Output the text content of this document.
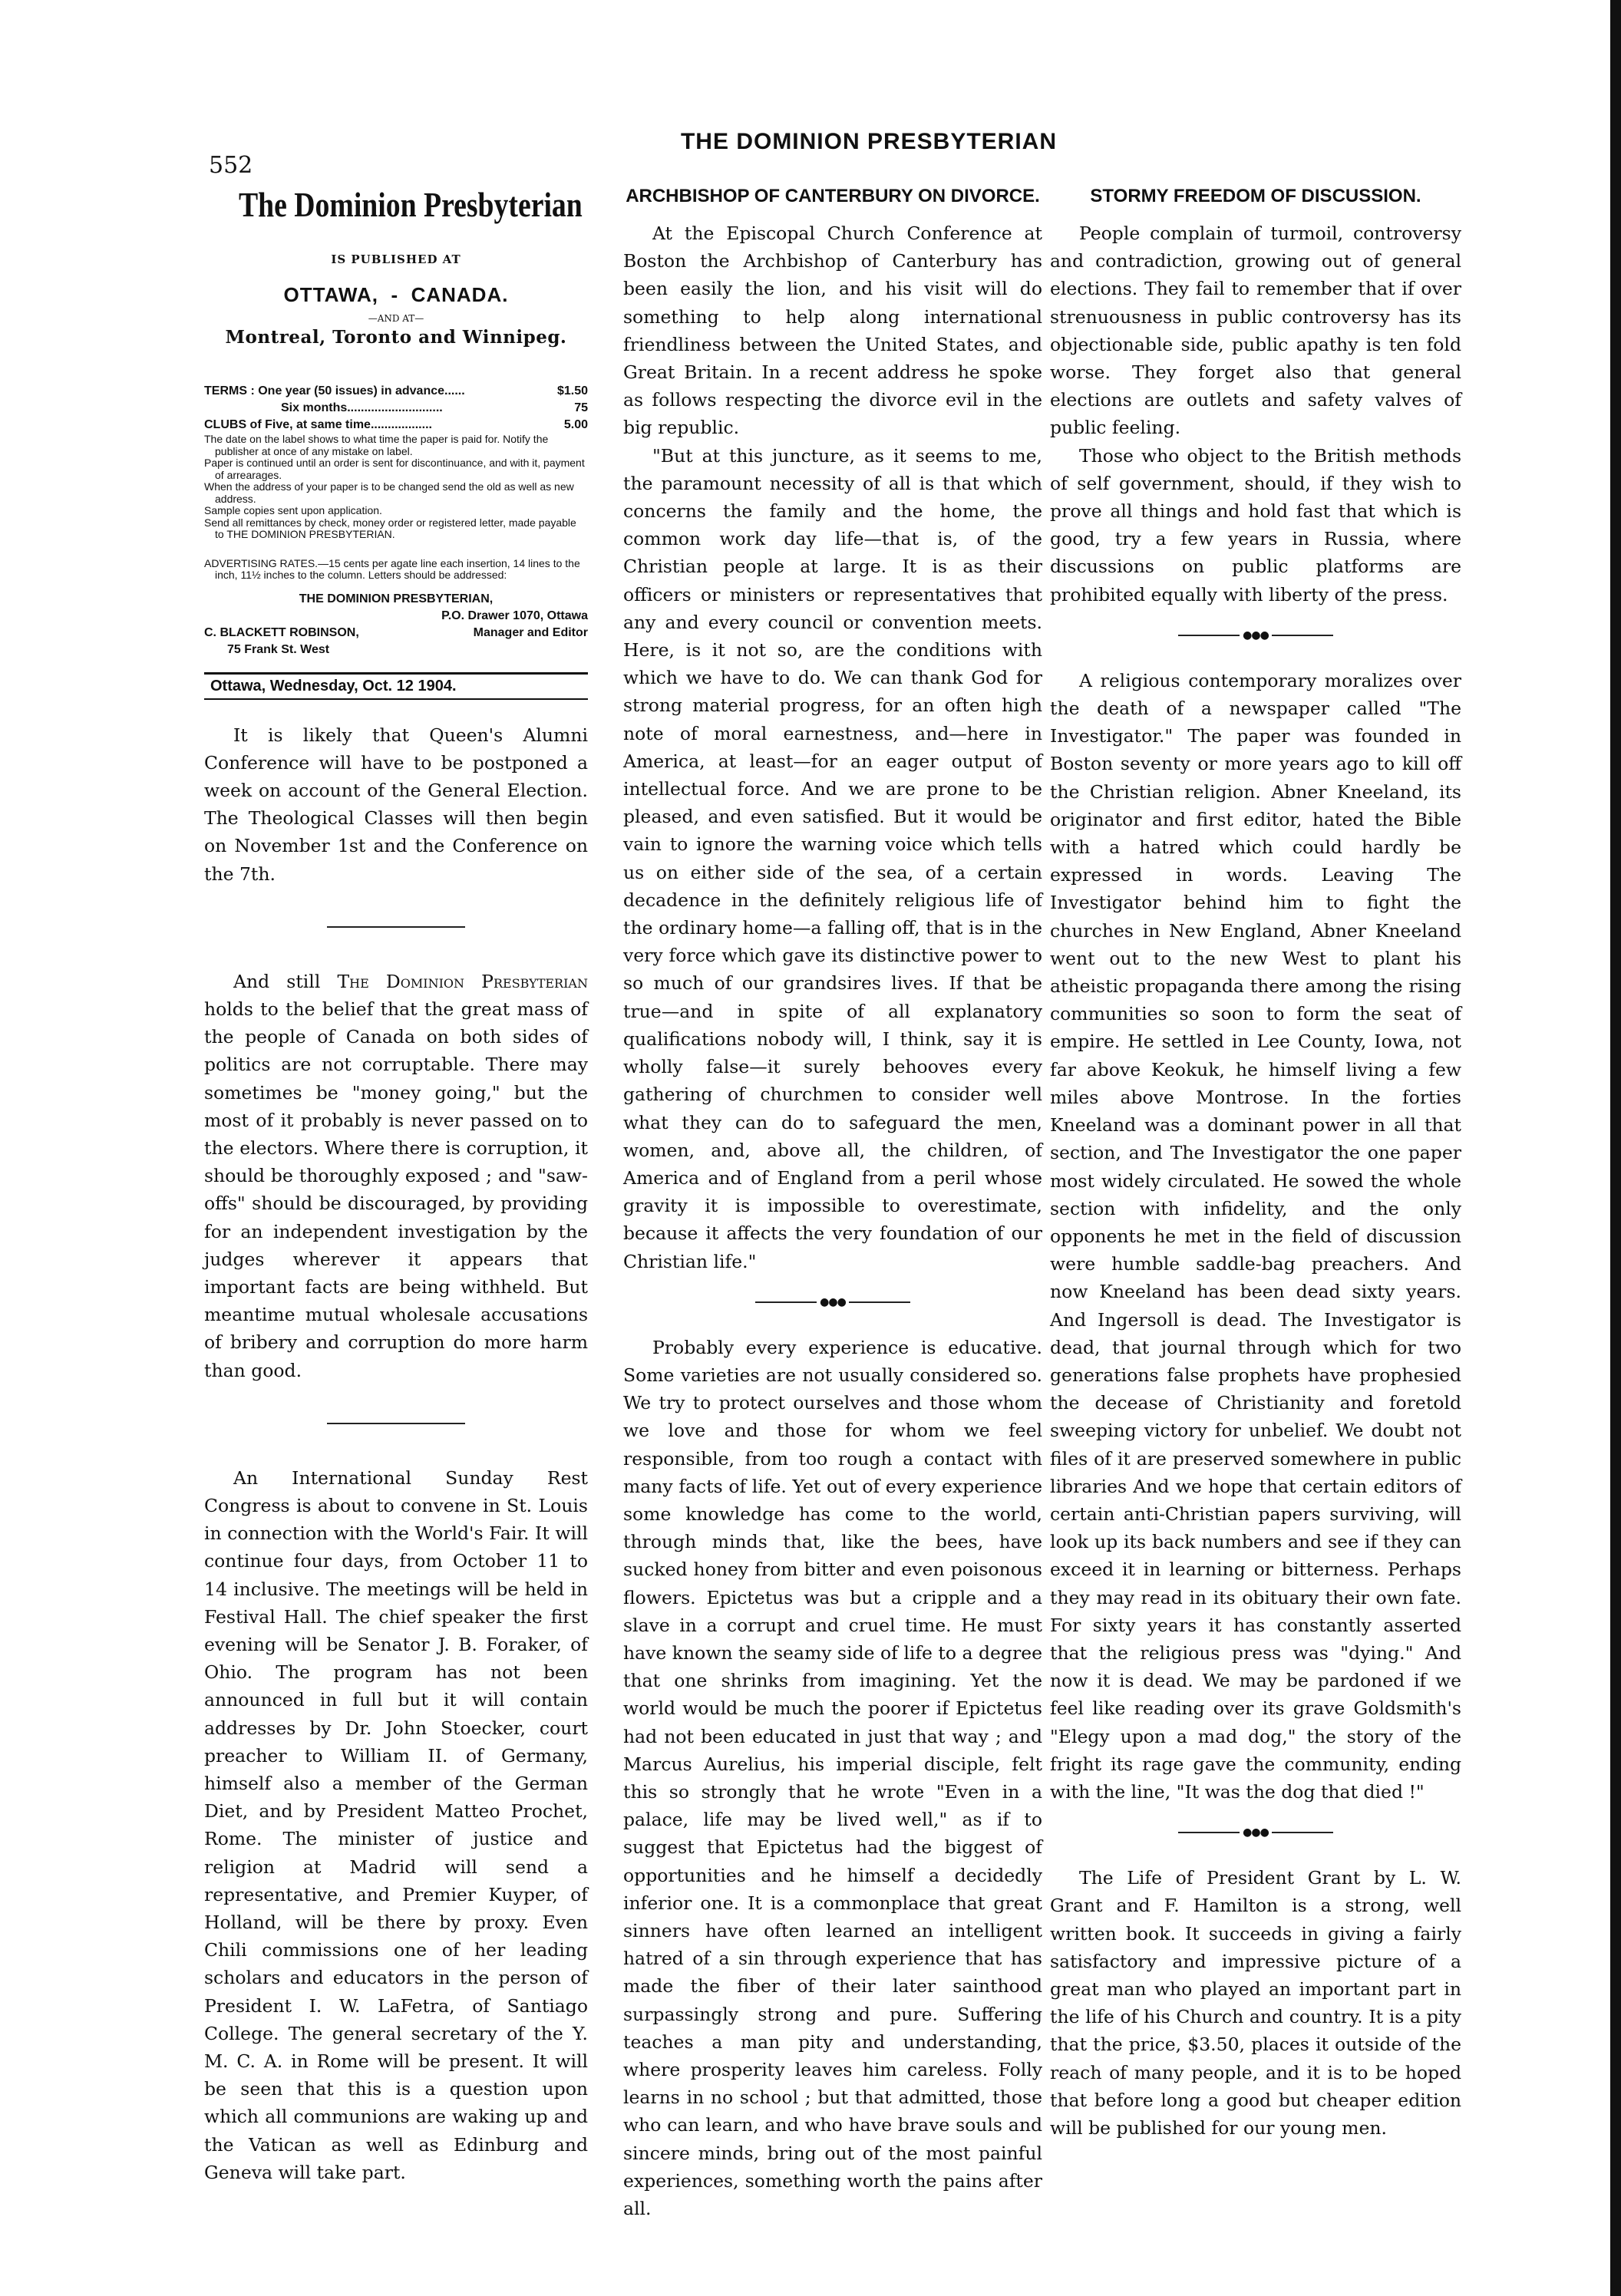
552
THE DOMINION PRESBYTERIAN
The Dominion Presbyterian
IS PUBLISHED AT
OTTAWA,  -  CANADA.
—AND AT—
Montreal, Toronto and Winnipeg.
TERMS : One year (50 issues) in advance......	$1.50
Six months............................	75
CLUBS of Five, at same time..................	5.00
The date on the label shows to what time the paper is paid for. Notify the publisher at once of any mistake on label.
Paper is continued until an order is sent for discontinuance, and with it, payment of arrearages.
When the address of your paper is to be changed send the old as well as new address.
Sample copies sent upon application.
Send all remittances by check, money order or registered letter, made payable to THE DOMINION PRESBYTERIAN.
ADVERTISING RATES.—15 cents per agate line each insertion, 14 lines to the inch, 11½ inches to the column. Letters should be addressed:
THE DOMINION PRESBYTERIAN,
P.O. Drawer 1070, Ottawa
C. BLACKETT ROBINSON,	Manager and Editor
75 Frank St. West
Ottawa, Wednesday, Oct. 12 1904.

It is likely that Queen's Alumni Conference will have to be postponed a week on account of the General Election. The Theological Classes will then begin on November 1st and the Conference on the 7th.

And still The Dominion Presbyterian holds to the belief that the great mass of the people of Canada on both sides of politics are not corruptable. There may sometimes be "money going," but the most of it probably is never passed on to the electors. Where there is corruption, it should be thoroughly exposed ; and "saw-offs" should be discouraged, by providing for an independent investigation by the judges wherever it appears that important facts are being withheld. But meantime mutual wholesale accusations of bribery and corruption do more harm than good.

An International Sunday Rest Congress is about to convene in St. Louis in connection with the World's Fair. It will continue four days, from October 11 to 14 inclusive. The meetings will be held in Festival Hall. The chief speaker the first evening will be Senator J. B. Foraker, of Ohio. The program has not been announced in full but it will contain addresses by Dr. John Stoecker, court preacher to William II. of Germany, himself also a member of the German Diet, and by President Matteo Prochet, Rome. The minister of justice and religion at Madrid will send a representative, and Premier Kuyper, of Holland, will be there by proxy. Even Chili commissions one of her leading scholars and educators in the person of President I. W. LaFetra, of Santiago College. The general secretary of the Y. M. C. A. in Rome will be present. It will be seen that this is a question upon which all communions are waking up and the Vatican as well as Edinburg and Geneva will take part.

ARCHBISHOP OF CANTERBURY ON DIVORCE.

At the Episcopal Church Conference at Boston the Archbishop of Canterbury has been easily the lion, and his visit will do something to help along international friendliness between the United States, and Great Britain. In a recent address he spoke as follows respecting the divorce evil in the big republic.

"But at this juncture, as it seems to me, the paramount necessity of all is that which concerns the family and the home, the common work day life—that is, of the Christian people at large. It is as their officers or ministers or representatives that any and every council or convention meets. Here, is it not so, are the conditions with which we have to do. We can thank God for strong material progress, for an often high note of moral earnestness, and—here in America, at least—for an eager output of intellectual force. And we are prone to be pleased, and even satisfied. But it would be vain to ignore the warning voice which tells us on either side of the sea, of a certain decadence in the definitely religious life of the ordinary home—a falling off, that is in the very force which gave its distinctive power to so much of our grandsires lives. If that be true—and in spite of all explanatory qualifications nobody will, I think, say it is wholly false—it surely behooves every gathering of churchmen to consider well what they can do to safeguard the men, women, and, above all, the children, of America and of England from a peril whose gravity it is impossible to overestimate, because it affects the very foundation of our Christian life."

●●●

Probably every experience is educative. Some varieties are not usually considered so. We try to protect ourselves and those whom we love and those for whom we feel responsible, from too rough a contact with many facts of life. Yet out of every experience some knowledge has come to the world, through minds that, like the bees, have sucked honey from bitter and even poisonous flowers. Epictetus was but a cripple and a slave in a corrupt and cruel time. He must have known the seamy side of life to a degree that one shrinks from imagining. Yet the world would be much the poorer if Epictetus had not been educated in just that way ; and Marcus Aurelius, his imperial disciple, felt this so strongly that he wrote "Even in a palace, life may be lived well," as if to suggest that Epictetus had the biggest of opportunities and he himself a decidedly inferior one. It is a commonplace that great sinners have often learned an intelligent hatred of a sin through experience that has made the fiber of their later sainthood surpassingly strong and pure. Suffering teaches a man pity and understanding, where prosperity leaves him careless. Folly learns in no school ; but that admitted, those who can learn, and who have brave souls and sincere minds, bring out of the most painful experiences, something worth the pains after all.

STORMY FREEDOM OF DISCUSSION.

People complain of turmoil, controversy and contradiction, growing out of general elections. They fail to remember that if over strenuousness in public controversy has its objectionable side, public apathy is ten fold worse. They forget also that general elections are outlets and safety valves of public feeling.

Those who object to the British methods of self government, should, if they wish to prove all things and hold fast that which is good, try a few years in Russia, where discussions on public platforms are prohibited equally with liberty of the press.

●●●

A religious contemporary moralizes over the death of a newspaper called "The Investigator." The paper was founded in Boston seventy or more years ago to kill off the Christian religion. Abner Kneeland, its originator and first editor, hated the Bible with a hatred which could hardly be expressed in words. Leaving The Investigator behind him to fight the churches in New England, Abner Kneeland went out to the new West to plant his atheistic propaganda there among the rising communities so soon to form the seat of empire. He settled in Lee County, Iowa, not far above Keokuk, he himself living a few miles above Montrose. In the forties Kneeland was a dominant power in all that section, and The Investigator the one paper most widely circulated. He sowed the whole section with infidelity, and the only opponents he met in the field of discussion were humble saddle-bag preachers. And now Kneeland has been dead sixty years. And Ingersoll is dead. The Investigator is dead, that journal through which for two generations false prophets have prophesied the decease of Christianity and foretold sweeping victory for unbelief. We doubt not files of it are preserved somewhere in public libraries And we hope that certain editors of certain anti-Christian papers surviving, will look up its back numbers and see if they can exceed it in learning or bitterness. Perhaps they may read in its obituary their own fate. For sixty years it has constantly asserted that the religious press was "dying." And now it is dead. We may be pardoned if we feel like reading over its grave Goldsmith's "Elegy upon a mad dog," the story of the fright its rage gave the community, ending with the line, "It was the dog that died !"

●●●

The Life of President Grant by L. W. Grant and F. Hamilton is a strong, well written book. It succeeds in giving a fairly satisfactory and impressive picture of a great man who played an important part in the life of his Church and country. It is a pity that the price, $3.50, places it outside of the reach of many people, and it is to be hoped that before long a good but cheaper edition will be published for our young men.
